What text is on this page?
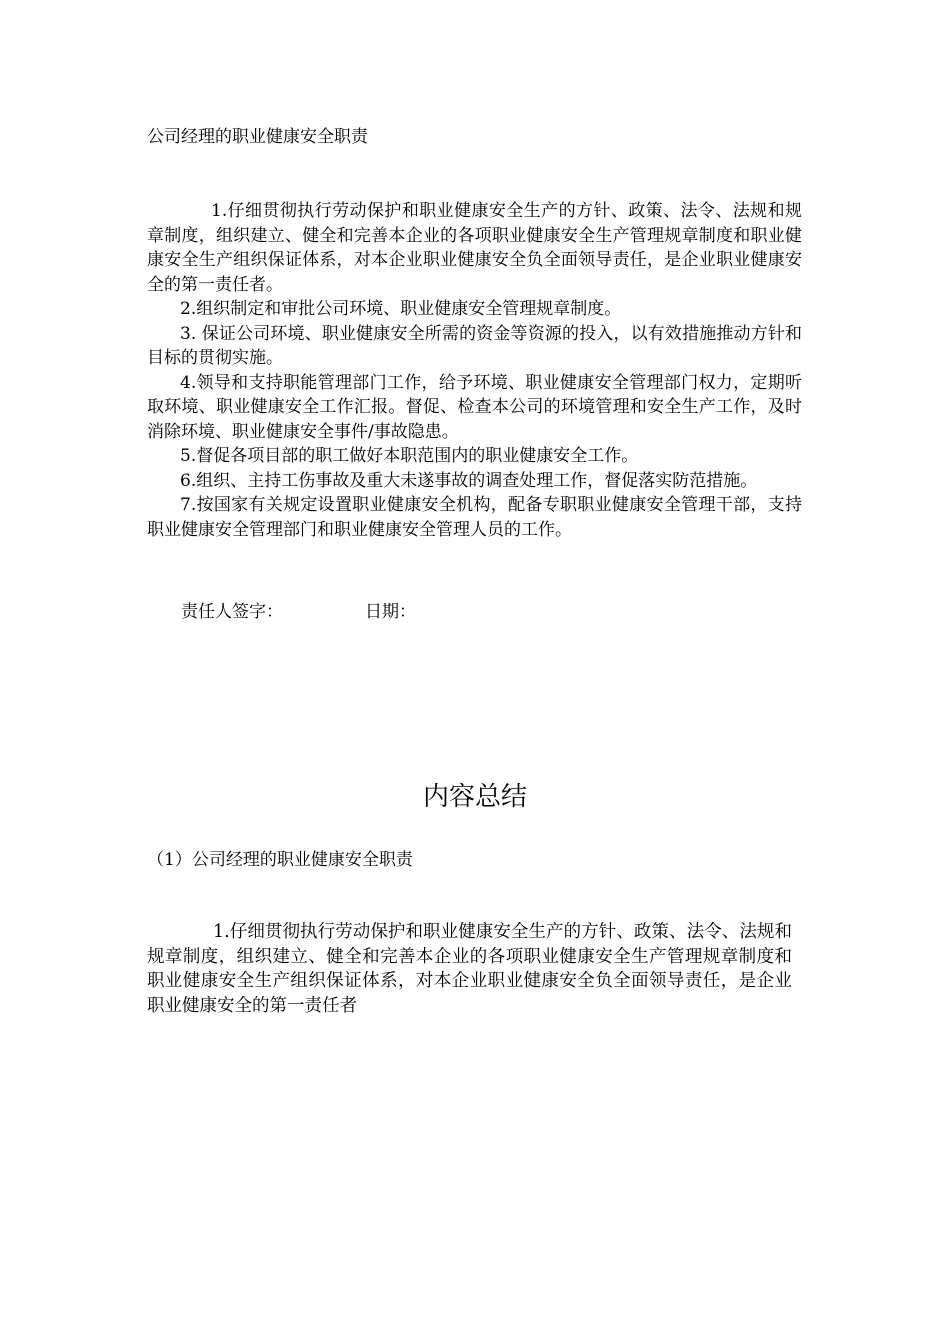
公司经理的职业健康安全职责

1.仔细贯彻执行劳动保护和职业健康安全生产的方针、政策、法令、法规和规章制度，组织建立、健全和完善本企业的各项职业健康安全生产管理规章制度和职业健康安全生产组织保证体系，对本企业职业健康安全负全面领导责任，是企业职业健康安全的第一责任者。

2.组织制定和审批公司环境、职业健康安全管理规章制度。

3. 保证公司环境、职业健康安全所需的资金等资源的投入，以有效措施推动方针和目标的贯彻实施。

4.领导和支持职能管理部门工作，给予环境、职业健康安全管理部门权力，定期听取环境、职业健康安全工作汇报。督促、检查本公司的环境管理和安全生产工作，及时消除环境、职业健康安全事件/事故隐患。

5.督促各项目部的职工做好本职范围内的职业健康安全工作。

6.组织、主持工伤事故及重大未遂事故的调查处理工作，督促落实防范措施。

7.按国家有关规定设置职业健康安全机构，配备专职职业健康安全管理干部，支持职业健康安全管理部门和职业健康安全管理人员的工作。

责任人签字：	日期：
内容总结
（1）公司经理的职业健康安全职责

1.仔细贯彻执行劳动保护和职业健康安全生产的方针、政策、法令、法规和规章制度，组织建立、健全和完善本企业的各项职业健康安全生产管理规章制度和职业健康安全生产组织保证体系，对本企业职业健康安全负全面领导责任，是企业职业健康安全的第一责任者
